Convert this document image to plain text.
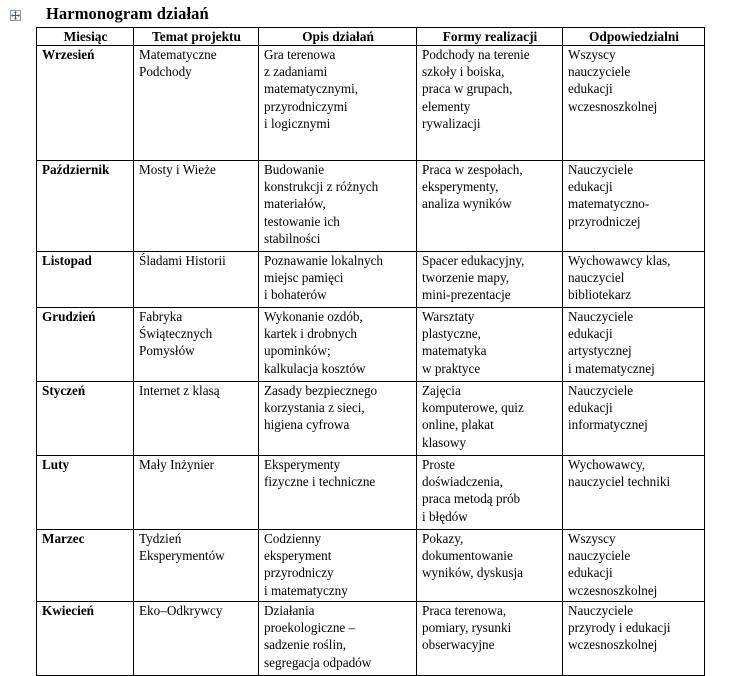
Harmonogram działań
Miesiąc	Temat projektu	Opis działań	Formy realizacji	Odpowiedzialni
Wrzesień	Matematyczne
Podchody	Gra terenowa
z zadaniami
matematycznymi,
przyrodniczymi
i logicznymi	Podchody na terenie
szkoły i boiska,
praca w grupach,
elementy
rywalizacji	Wszyscy
nauczyciele
edukacji
wczesnoszkolnej
Październik	Mosty i Wieże	Budowanie
konstrukcji z różnych
materiałów,
testowanie ich
stabilności	Praca w zespołach,
eksperymenty,
analiza wyników	Nauczyciele
edukacji
matematyczno-
przyrodniczej
Listopad	Śladami Historii	Poznawanie lokalnych
miejsc pamięci
i bohaterów	Spacer edukacyjny,
tworzenie mapy,
mini-prezentacje	Wychowawcy klas,
nauczyciel
bibliotekarz
Grudzień	Fabryka
Świątecznych
Pomysłów	Wykonanie ozdób,
kartek i drobnych
upominków;
kalkulacja kosztów	Warsztaty
plastyczne,
matematyka
w praktyce	Nauczyciele
edukacji
artystycznej
i matematycznej
Styczeń	Internet z klasą	Zasady bezpiecznego
korzystania z sieci,
higiena cyfrowa	Zajęcia
komputerowe, quiz
online, plakat
klasowy	Nauczyciele
edukacji
informatycznej
Luty	Mały Inżynier	Eksperymenty
fizyczne i techniczne	Proste
doświadczenia,
praca metodą prób
i błędów	Wychowawcy,
nauczyciel techniki
Marzec	Tydzień
Eksperymentów	Codzienny
eksperyment
przyrodniczy
i matematyczny	Pokazy,
dokumentowanie
wyników, dyskusja	Wszyscy
nauczyciele
edukacji
wczesnoszkolnej
Kwiecień	Eko–Odkrywcy	Działania
proekologiczne –
sadzenie roślin,
segregacja odpadów	Praca terenowa,
pomiary, rysunki
obserwacyjne	Nauczyciele
przyrody i edukacji
wczesnoszkolnej
